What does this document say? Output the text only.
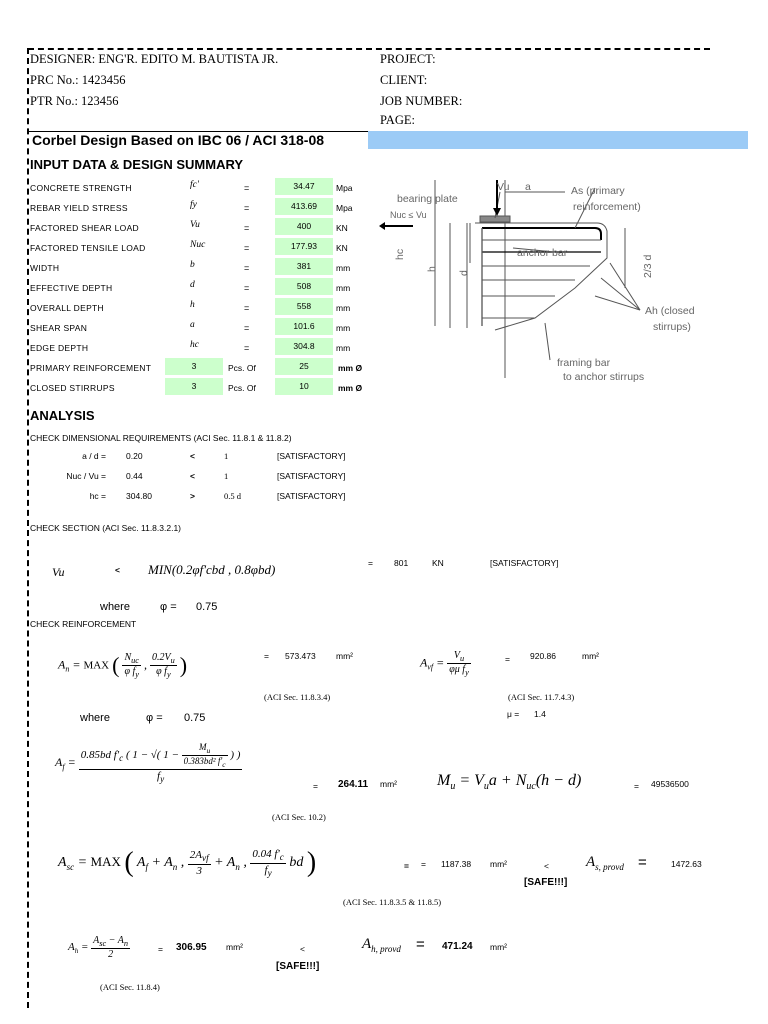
DESIGNER: ENG'R. EDITO M. BAUTISTA JR.
PRC No.: 1423456
PTR No.: 123456
PROJECT:
CLIENT:
JOB NUMBER:
PAGE:
Corbel Design Based on IBC 06 / ACI 318-08
INPUT DATA & DESIGN SUMMARY
CONCRETE STRENGTH	fc'	=	34.47	Mpa
REBAR YIELD STRESS	fy	=	413.69	Mpa
FACTORED SHEAR LOAD	Vu	=	400	KN
FACTORED TENSILE LOAD	Nuc	=	177.93	KN
WIDTH	b	=	381	mm
EFFECTIVE DEPTH	d	=	508	mm
OVERALL DEPTH	h	=	558	mm
SHEAR SPAN	a	=	101.6	mm
EDGE DEPTH	hc	=	304.8	mm
PRIMARY REINFORCEMENT	3	Pcs. Of	25	mm Ø
CLOSED STIRRUPS	3	Pcs. Of	10	mm Ø
bearing plate
Vu a	As (primary
reinforcement)
Nuc ≤ Vu
anchor bar
hc
h
d	2/3 d
Ah (closed
stirrups)
framing bar
to anchor stirrups
ANALYSIS
CHECK DIMENSIONAL REQUIREMENTS (ACI Sec. 11.8.1 & 11.8.2)
a / d = 0.20	<	1	[SATISFACTORY]
Nuc / Vu = 0.44	<	1	[SATISFACTORY]
hc = 304.80	>	0.5 d	[SATISFACTORY]
CHECK SECTION (ACI Sec. 11.8.3.2.1)
Vu	< MIN(0.2φf'cbd , 0.8φbd)	= 801	KN	[SATISFACTORY]
where	φ = 0.75
CHECK REINFORCEMENT
$A_n$ = MAX ( $\frac{N_{uc}}{\varphi f_y}$ , $\frac{0.2V_u}{\varphi f_y}$ )	= 573.473 mm²
(ACI Sec. 11.8.3.4)
$A_{vf} = \frac{V_u}{\varphi\mu f_y}$	= 920.86	mm²
(ACI Sec. 11.7.4.3)
μ = 1.4
where	φ = 0.75
$A_f = \frac{0.85bd f'_c ( 1 - √( 1 - \frac{M_u}{0.383bd^2 f'_c} ) )}{f_y}$
= 264.11 mm²
(ACI Sec. 10.2)
$M_u = V_ua + N_{uc}(h - d)$	= 49536500
$A_{sc}$ = MAX ( $A_f + A_n$ , $\frac{2A_{vf}}{3} + A_n$ , $\frac{0.04 f'_c}{f_y}$ bd )	= = 1187.38 mm²	<
[SAFE!!!]
$A_{s, provd}$ =	1472.63
(ACI Sec. 11.8.3.5 & 11.8.5)
$A_h = \frac{A_{sc} - A_n}{2}$	= 306.95 mm²	<
[SAFE!!!]
$A_{h, provd} = 471.24$ mm²
(ACI Sec. 11.8.4)
